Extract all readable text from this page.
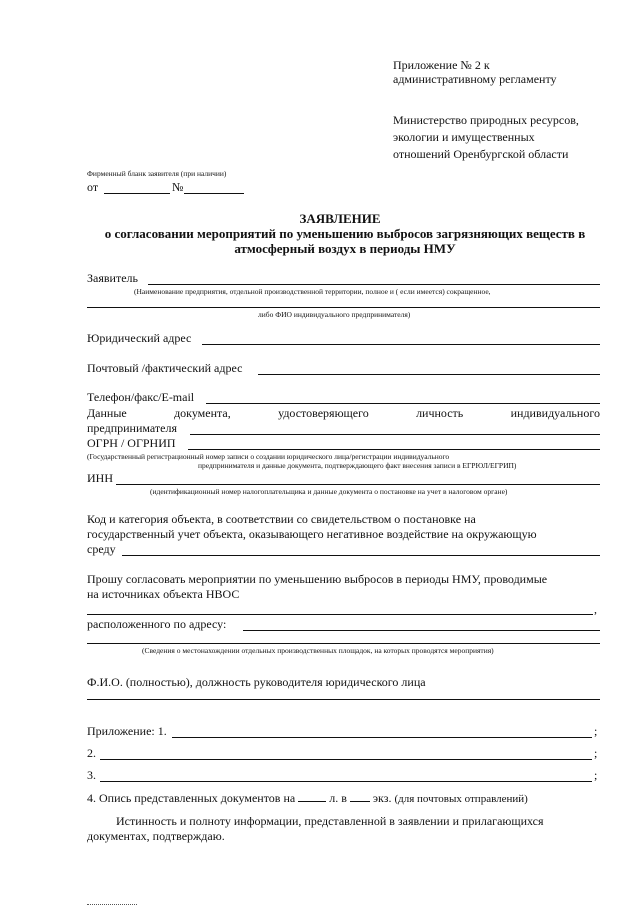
Приложение № 2 к
административному регламенту
Министерство природных ресурсов,
экологии и имущественных
отношений Оренбургской области
Фирменный бланк заявителя (при наличии)
от	№
ЗАЯВЛЕНИЕ
о согласовании мероприятий по уменьшению выбросов загрязняющих веществ в
атмосферный воздух в периоды НМУ
Заявитель
(Наименование предприятия, отдельной производственной территории, полное и ( если имеется) сокращенное,
либо ФИО индивидуального предпринимателя)
Юридический адрес
Почтовый /фактический адрес
Телефон/факс/E-mail
Данные	документа,	удостоверяющего	личность	индивидуального
предпринимателя
ОГРН / ОГРНИП
(Государственный регистрационный номер записи о создании юридического лица/регистрации индивидуального
предпринимателя и данные документа, подтверждающего факт внесения записи в ЕГРЮЛ/ЕГРИП)
ИНН
(идентификационный номер налогоплательщика и данные документа о постановке на учет в налоговом органе)
Код и категория объекта, в соответствии со свидетельством о постановке на
государственный учет объекта, оказывающего негативное воздействие на окружающую
среду
Прошу согласовать мероприятии по уменьшению выбросов в периоды НМУ, проводимые
на источниках объекта НВОС
,
расположенного по адресу:
(Сведения о местонахождении отдельных производственных площадок, на которых проводятся мероприятия)
Ф.И.О. (полностью), должность руководителя юридического лица
Приложение: 1.	;
2.	;
3.	;
4. Опись представленных документов на	л. в экз. (для почтовых отправлений)
Истинность и полноту информации, представленной в заявлении и прилагающихся
документах, подтверждаю.
